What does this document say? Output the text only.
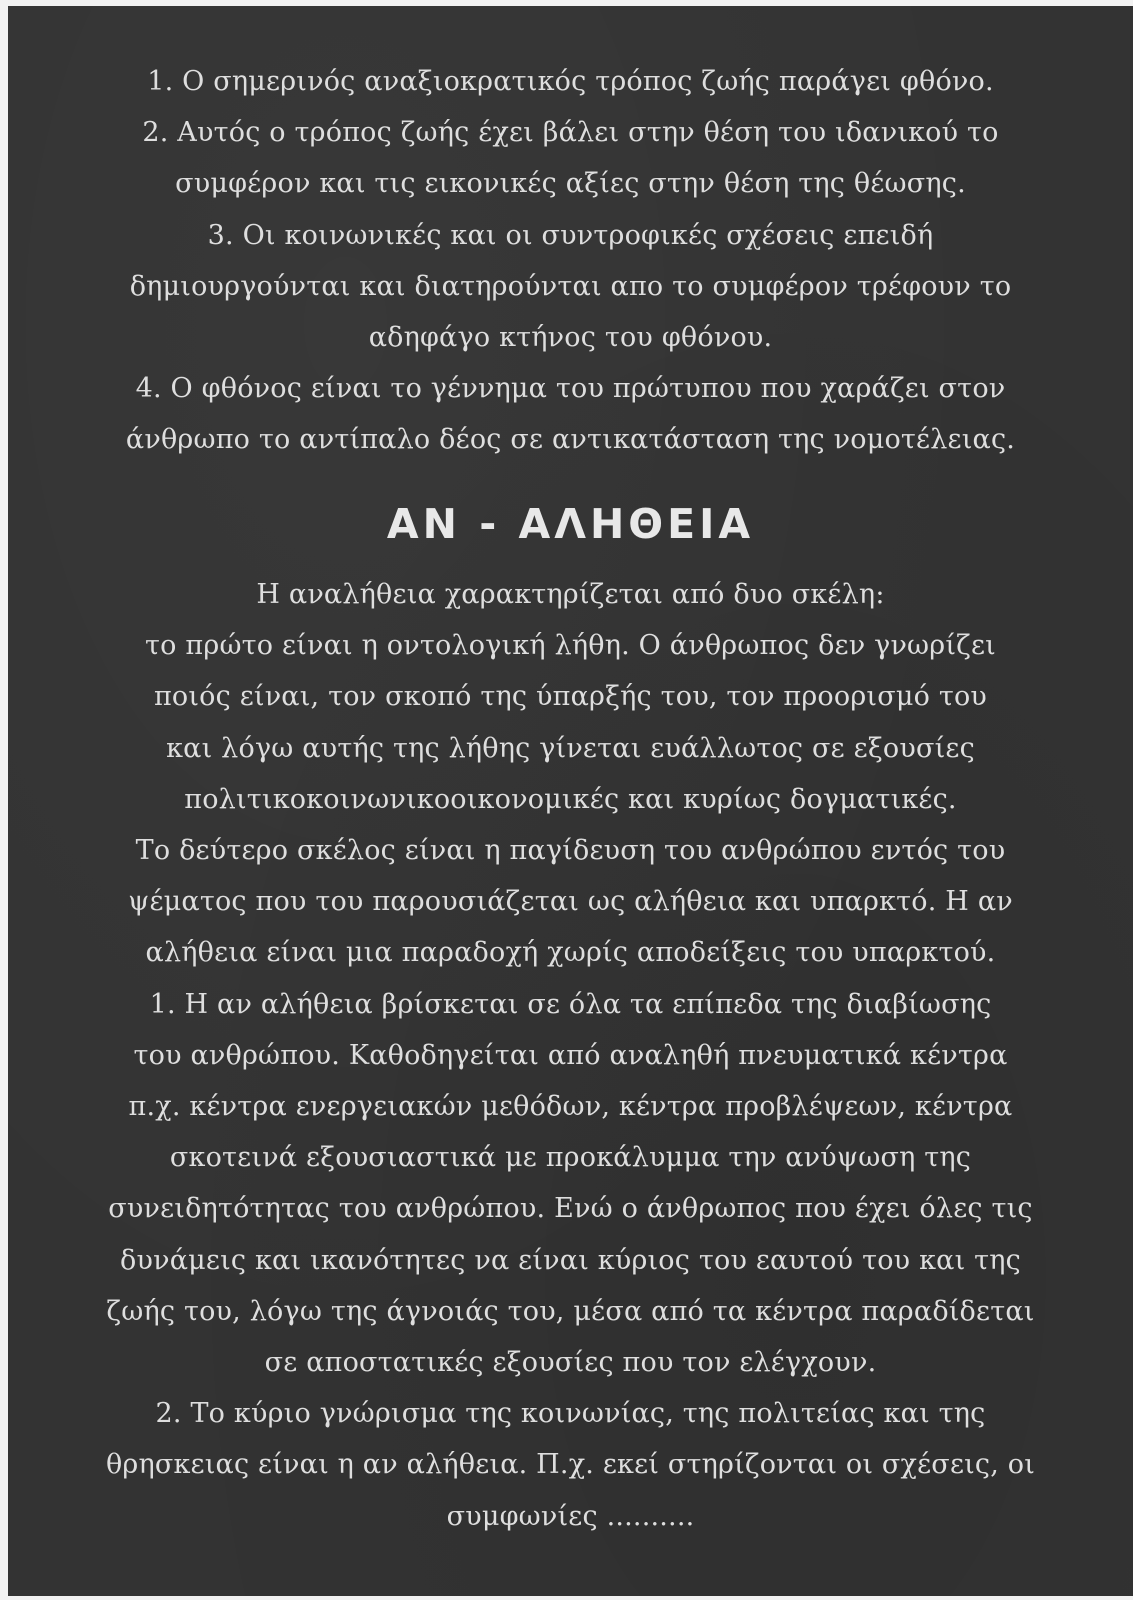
1. Ο σημερινός αναξιοκρατικός τρόπος ζωής παράγει φθόνο.

2. Αυτός ο τρόπος ζωής έχει βάλει στην θέση του ιδανικού το

συμφέρον και τις εικονικές αξίες στην θέση της θέωσης.

3. Οι κοινωνικές και οι συντροφικές σχέσεις επειδή

δημιουργούνται και διατηρούνται απο το συμφέρον τρέφουν το

αδηφάγο κτήνος του φθόνου.

4. Ο φθόνος είναι το γέννημα του πρώτυπου που χαράζει στον

άνθρωπο το αντίπαλο δέος σε αντικατάσταση της νομοτέλειας.

ΑΝ - ΑΛΗΘΕΙΑ

Η αναλήθεια χαρακτηρίζεται από δυο σκέλη:

το πρώτο είναι η οντολογική λήθη. Ο άνθρωπος δεν γνωρίζει

ποιός είναι, τον σκοπό της ύπαρξής του, τον προορισμό του

και λόγω αυτής της λήθης γίνεται ευάλλωτος σε εξουσίες

πολιτικοκοινωνικοοικονομικές και κυρίως δογματικές.

Το δεύτερο σκέλος είναι η παγίδευση του ανθρώπου εντός του

ψέματος που του παρουσιάζεται ως αλήθεια και υπαρκτό. Η αν

αλήθεια είναι μια παραδοχή χωρίς αποδείξεις του υπαρκτού.

1. Η αν αλήθεια βρίσκεται σε όλα τα επίπεδα της διαβίωσης

του ανθρώπου. Καθοδηγείται από αναληθή πνευματικά κέντρα

π.χ. κέντρα ενεργειακών μεθόδων, κέντρα προβλέψεων, κέντρα

σκοτεινά εξουσιαστικά με προκάλυμμα την ανύψωση της

συνειδητότητας του ανθρώπου. Ενώ ο άνθρωπος που έχει όλες τις

δυνάμεις και ικανότητες να είναι κύριος του εαυτού του και της

ζωής του, λόγω της άγνοιάς του, μέσα από τα κέντρα παραδίδεται

σε αποστατικές εξουσίες που τον ελέγχουν.

2. Το κύριο γνώρισμα της κοινωνίας, της πολιτείας και της

θρησκειας είναι η αν αλήθεια. Π.χ. εκεί στηρίζονται οι σχέσεις, οι

συμφωνίες ..........
